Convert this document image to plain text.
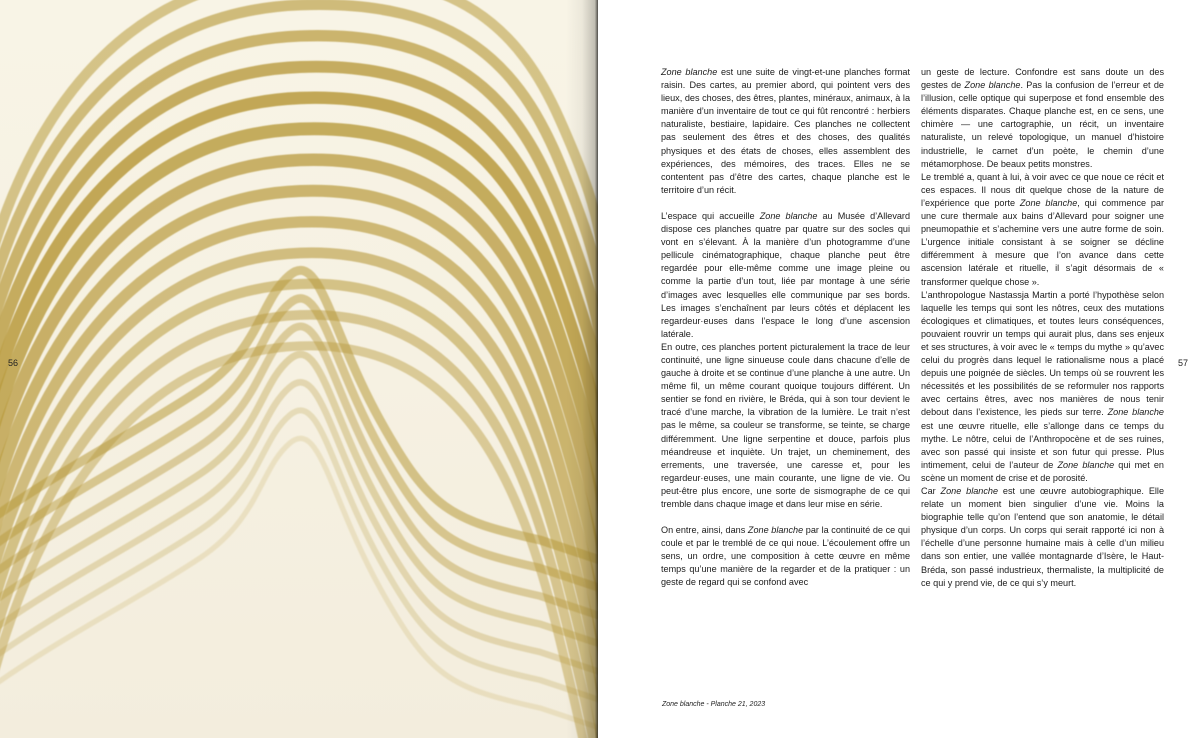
56	57

Zone blanche est une suite de vingt-et-une planches format raisin. Des cartes, au premier abord, qui pointent vers des lieux, des choses, des êtres, plantes, minéraux, animaux, à la manière d’un inventaire de tout ce qui fût rencontré : herbiers naturaliste, bestiaire, lapidaire. Ces planches ne collectent pas seulement des êtres et des choses, des qualités physiques et des états de choses, elles assemblent des expériences, des mémoires, des traces. Elles ne se contentent pas d’être des cartes, chaque planche est le territoire d’un récit.

L’espace qui accueille Zone blanche au Musée d’Allevard dispose ces planches quatre par quatre sur des socles qui vont en s’élevant. À la manière d’un photogramme d’une pellicule cinématographique, chaque planche peut être regardée pour elle-même comme une image pleine ou comme la partie d’un tout, liée par montage à une série d’images avec lesquelles elle communique par ses bords. Les images s’enchaînent par leurs côtés et déplacent les regardeur·euses dans l’espace le long d’une ascension latérale.

En outre, ces planches portent picturalement la trace de leur continuité, une ligne sinueuse coule dans chacune d’elle de gauche à droite et se continue d’une planche à une autre. Un même fil, un même courant quoique toujours différent. Un sentier se fond en rivière, le Bréda, qui à son tour devient le tracé d’une marche, la vibration de la lumière. Le trait n’est pas le même, sa couleur se transforme, se teinte, se charge différemment. Une ligne serpentine et douce, parfois plus méandreuse et inquiète. Un trajet, un cheminement, des errements, une traversée, une caresse et, pour les regardeur·euses, une main courante, une ligne de vie. Ou peut-être plus encore, une sorte de sismographe de ce qui tremble dans chaque image et dans leur mise en série.

On entre, ainsi, dans Zone blanche par la continuité de ce qui coule et par le tremblé de ce qui noue. L’écoulement offre un sens, un ordre, une composition à cette œuvre en même temps qu’une manière de la regarder et de la pratiquer : un geste de regard qui se confond avec

un geste de lecture. Confondre est sans doute un des gestes de Zone blanche. Pas la confusion de l’erreur et de l’illusion, celle optique qui superpose et fond ensemble des éléments disparates. Chaque planche est, en ce sens, une chimère — une cartographie, un récit, un inventaire naturaliste, un relevé topologique, un manuel d’histoire industrielle, le carnet d’un poète, le chemin d’une métamorphose. De beaux petits monstres.

Le tremblé a, quant à lui, à voir avec ce que noue ce récit et ces espaces. Il nous dit quelque chose de la nature de l’expérience que porte Zone blanche, qui commence par une cure thermale aux bains d’Allevard pour soigner une pneumopathie et s’achemine vers une autre forme de soin. L’urgence initiale consistant à se soigner se décline différemment à mesure que l’on avance dans cette ascension latérale et rituelle, il s’agit désormais de « transformer quelque chose ».

L’anthropologue Nastassja Martin a porté l’hypothèse selon laquelle les temps qui sont les nôtres, ceux des mutations écologiques et climatiques, et toutes leurs conséquences, pouvaient rouvrir un temps qui aurait plus, dans ses enjeux et ses structures, à voir avec le « temps du mythe » qu’avec celui du progrès dans lequel le rationalisme nous a placé depuis une poignée de siècles. Un temps où se rouvrent les nécessités et les possibilités de se reformuler nos rapports avec certains êtres, avec nos manières de nous tenir debout dans l’existence, les pieds sur terre. Zone blanche est une œuvre rituelle, elle s’allonge dans ce temps du mythe. Le nôtre, celui de l’Anthropocène et de ses ruines, avec son passé qui insiste et son futur qui presse. Plus intimement, celui de l’auteur de Zone blanche qui met en scène un moment de crise et de porosité.

Car Zone blanche est une œuvre autobiographique. Elle relate un moment bien singulier d’une vie. Moins la biographie telle qu’on l’entend que son anatomie, le détail physique d’un corps. Un corps qui serait rapporté ici non à l’échelle d’une personne humaine mais à celle d’un milieu dans son entier, une vallée montagnarde d’Isère, le Haut-Bréda, son passé industrieux, thermaliste, la multiplicité de ce qui y prend vie, de ce qui s’y meurt.

Zone blanche - Planche 21, 2023
